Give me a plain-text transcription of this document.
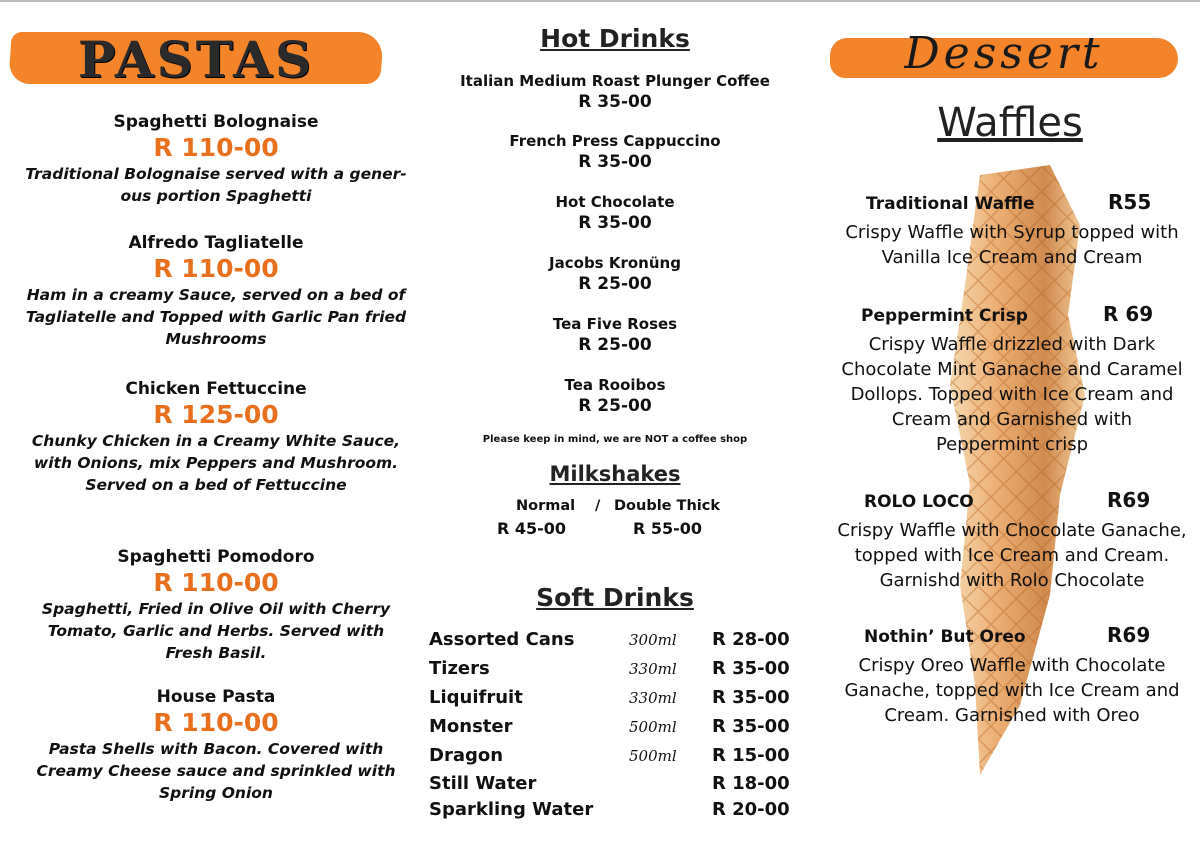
PASTAS
Spaghetti Bolognaise
R 110-00
Traditional Bolognaise served with a gener- ous portion Spaghetti
Alfredo Tagliatelle
R 110-00
Ham in a creamy Sauce, served on a bed of Tagliatelle and Topped with Garlic Pan fried Mushrooms
Chicken Fettuccine
R 125-00
Chunky Chicken in a Creamy White Sauce, with Onions, mix Peppers and Mushroom. Served on a bed of Fettuccine
Spaghetti Pomodoro
R 110-00
Spaghetti, Fried in Olive Oil with Cherry Tomato, Garlic and Herbs. Served with Fresh Basil.
House Pasta
R 110-00
Pasta Shells with Bacon. Covered with Creamy Cheese sauce and sprinkled with Spring Onion
Hot Drinks
Italian Medium Roast Plunger Coffee
R 35-00
French Press Cappuccino
R 35-00
Hot Chocolate
R 35-00
Jacobs Kronüng
R 25-00
Tea Five Roses
R 25-00
Tea Rooibos
R 25-00
Please keep in mind, we are NOT a coffee shop
Milkshakes
Normal / Double Thick
R 45-00	R 55-00
Soft Drinks
Assorted Cans	300ml R 28-00
Tizers	330ml R 35-00
Liquifruit	330ml R 35-00
Monster	500ml R 35-00
Dragon	500ml R 15-00
Still Water	R 18-00
Sparkling Water	R 20-00
Dessert
Waffles
Traditional Waffle	R55
Crispy Waffle with Syrup topped with Vanilla Ice Cream and Cream
Peppermint Crisp	R 69
Crispy Waffle drizzled with Dark Chocolate Mint Ganache and Caramel Dollops. Topped with Ice Cream and Cream and Garnished with Peppermint crisp
ROLO LOCO	R69
Crispy Waffle with Chocolate Ganache, topped with Ice Cream and Cream. Garnishd with Rolo Chocolate
Nothin’ But Oreo	R69
Crispy Oreo Waffle with Chocolate Ganache, topped with Ice Cream and Cream. Garnished with Oreo
